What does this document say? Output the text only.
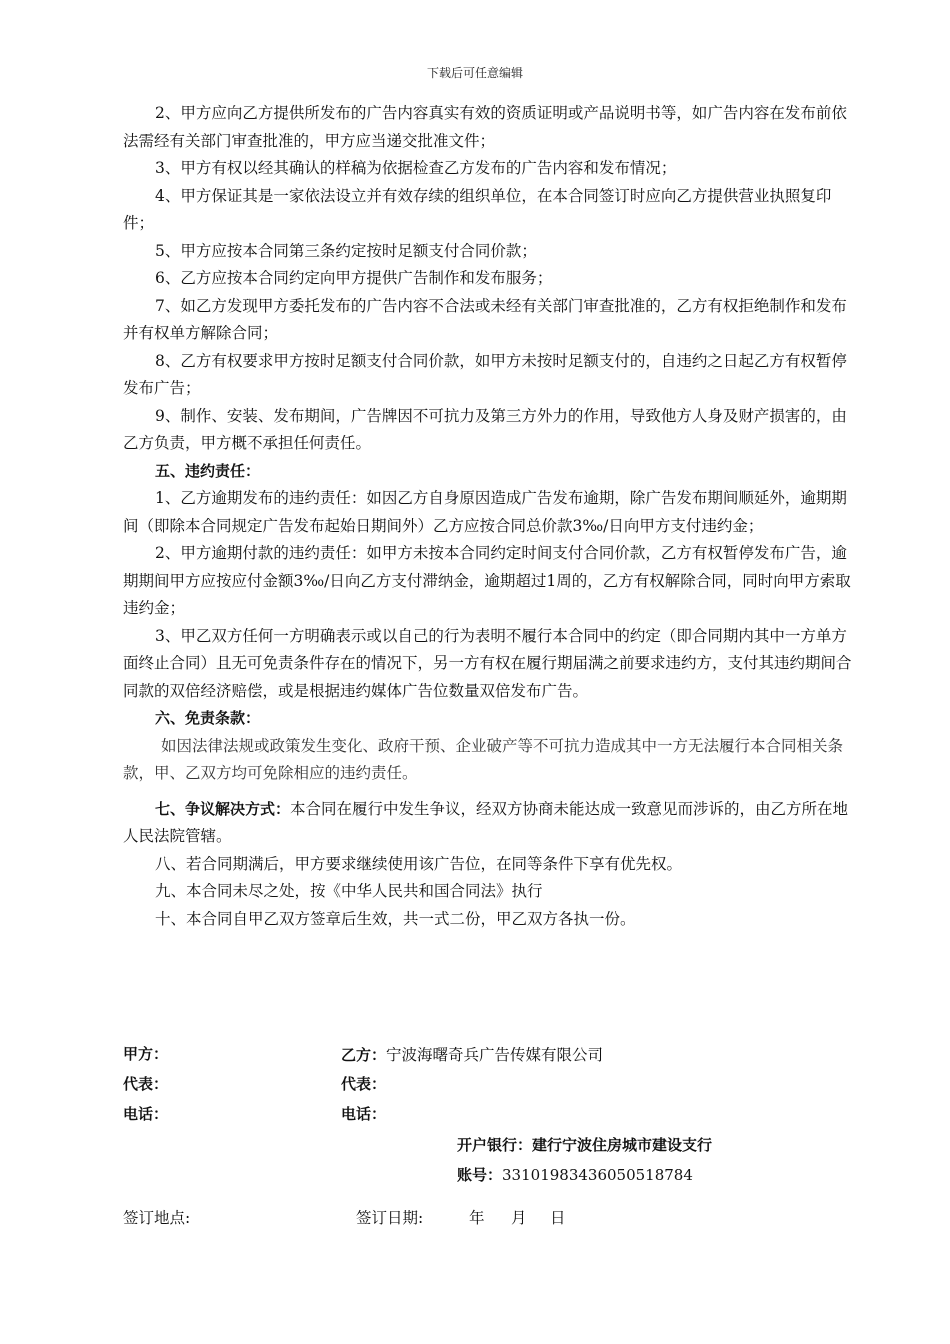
下载后可任意编辑

2、甲方应向乙方提供所发布的广告内容真实有效的资质证明或产品说明书等，如广告内容在发布前依法需经有关部门审查批准的，甲方应当递交批准文件；

3、甲方有权以经其确认的样稿为依据检查乙方发布的广告内容和发布情况；

4、甲方保证其是一家依法设立并有效存续的组织单位，在本合同签订时应向乙方提供营业执照复印件；

5、甲方应按本合同第三条约定按时足额支付合同价款；

6、乙方应按本合同约定向甲方提供广告制作和发布服务；

7、如乙方发现甲方委托发布的广告内容不合法或未经有关部门审查批准的，乙方有权拒绝制作和发布并有权单方解除合同；

8、乙方有权要求甲方按时足额支付合同价款，如甲方未按时足额支付的，自违约之日起乙方有权暂停发布广告；

9、制作、安装、发布期间，广告牌因不可抗力及第三方外力的作用，导致他方人身及财产损害的，由乙方负责，甲方概不承担任何责任。

五、违约责任：

1、乙方逾期发布的违约责任：如因乙方自身原因造成广告发布逾期，除广告发布期间顺延外，逾期期间（即除本合同规定广告发布起始日期间外）乙方应按合同总价款3‰/日向甲方支付违约金；

2、甲方逾期付款的违约责任：如甲方未按本合同约定时间支付合同价款，乙方有权暂停发布广告，逾期期间甲方应按应付金额3‰/日向乙方支付滞纳金，逾期超过1周的，乙方有权解除合同，同时向甲方索取违约金；

3、甲乙双方任何一方明确表示或以自己的行为表明不履行本合同中的约定（即合同期内其中一方单方面终止合同）且无可免责条件存在的情况下，另一方有权在履行期届满之前要求违约方，支付其违约期间合同款的双倍经济赔偿，或是根据违约媒体广告位数量双倍发布广告。

六、免责条款：

如因法律法规或政策发生变化、政府干预、企业破产等不可抗力造成其中一方无法履行本合同相关条款，甲、乙双方均可免除相应的违约责任。

七、争议解决方式：本合同在履行中发生争议，经双方协商未能达成一致意见而涉诉的，由乙方所在地人民法院管辖。

八、若合同期满后，甲方要求继续使用该广告位，在同等条件下享有优先权。

九、本合同未尽之处，按《中华人民共和国合同法》执行

十、本合同自甲乙双方签章后生效，共一式二份，甲乙双方各执一份。

甲方：	乙方：宁波海曙奇兵广告传媒有限公司
代表：	代表：
电话：	电话：
开户银行：建行宁波住房城市建设支行
账号：33101983436050518784
签订地点:	签订日期:	年 月 日
